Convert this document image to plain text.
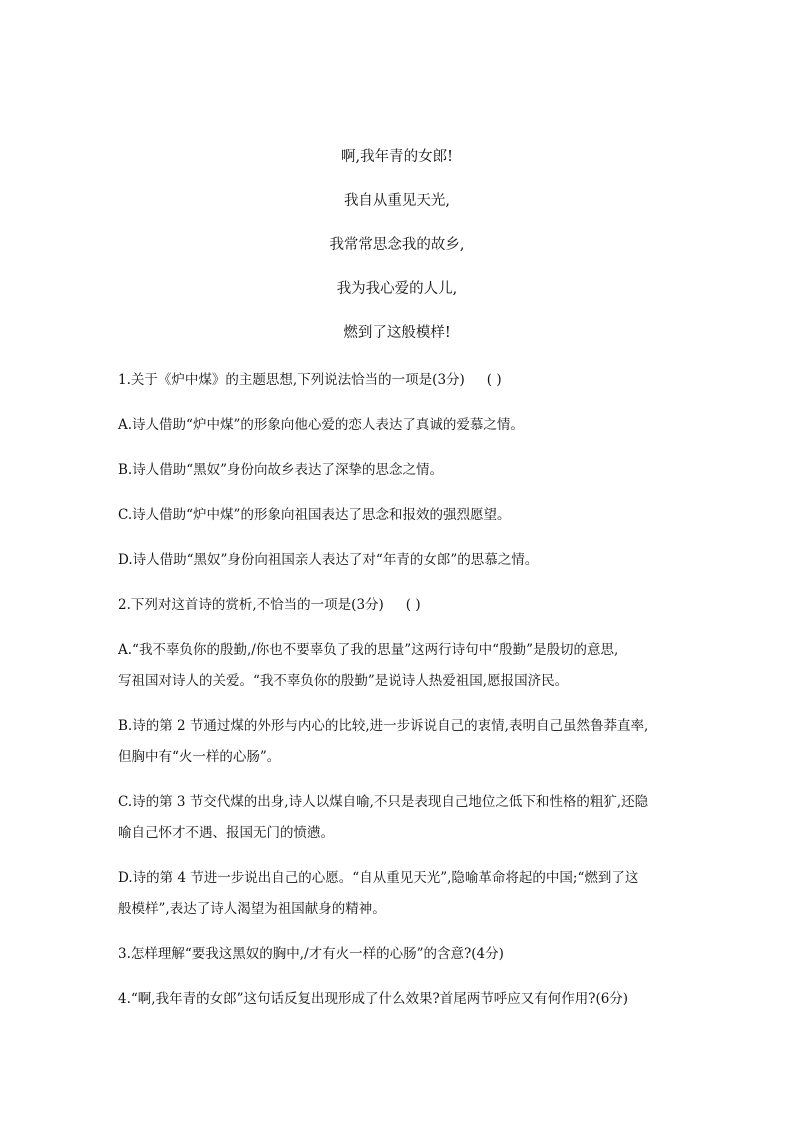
啊,我年青的女郎!
我自从重见天光,
我常常思念我的故乡,
我为我心爱的人儿,
燃到了这般模样!
1.关于《炉中煤》的主题思想,下列说法恰当的一项是(3分) ( )
A.诗人借助“炉中煤”的形象向他心爱的恋人表达了真诚的爱慕之情。
B.诗人借助“黑奴”身份向故乡表达了深挚的思念之情。
C.诗人借助“炉中煤”的形象向祖国表达了思念和报效的强烈愿望。
D.诗人借助“黑奴”身份向祖国亲人表达了对“年青的女郎”的思慕之情。
2.下列对这首诗的赏析,不恰当的一项是(3分) ( )
A.“我不辜负你的殷勤,/你也不要辜负了我的思量”这两行诗句中“殷勤”是殷切的意思,
写祖国对诗人的关爱。“我不辜负你的殷勤”是说诗人热爱祖国,愿报国济民。
B.诗的第 2 节通过煤的外形与内心的比较,进一步诉说自己的衷情,表明自己虽然鲁莽直率,
但胸中有“火一样的心肠”。
C.诗的第 3 节交代煤的出身,诗人以煤自喻,不只是表现自己地位之低下和性格的粗犷,还隐
喻自己怀才不遇、报国无门的愤懑。
D.诗的第 4 节进一步说出自己的心愿。“自从重见天光”,隐喻革命将起的中国;“燃到了这
般模样”,表达了诗人渴望为祖国献身的精神。
3.怎样理解“要我这黑奴的胸中,/才有火一样的心肠”的含意?(4分)
4.“啊,我年青的女郎”这句话反复出现形成了什么效果?首尾两节呼应又有何作用?(6分)
